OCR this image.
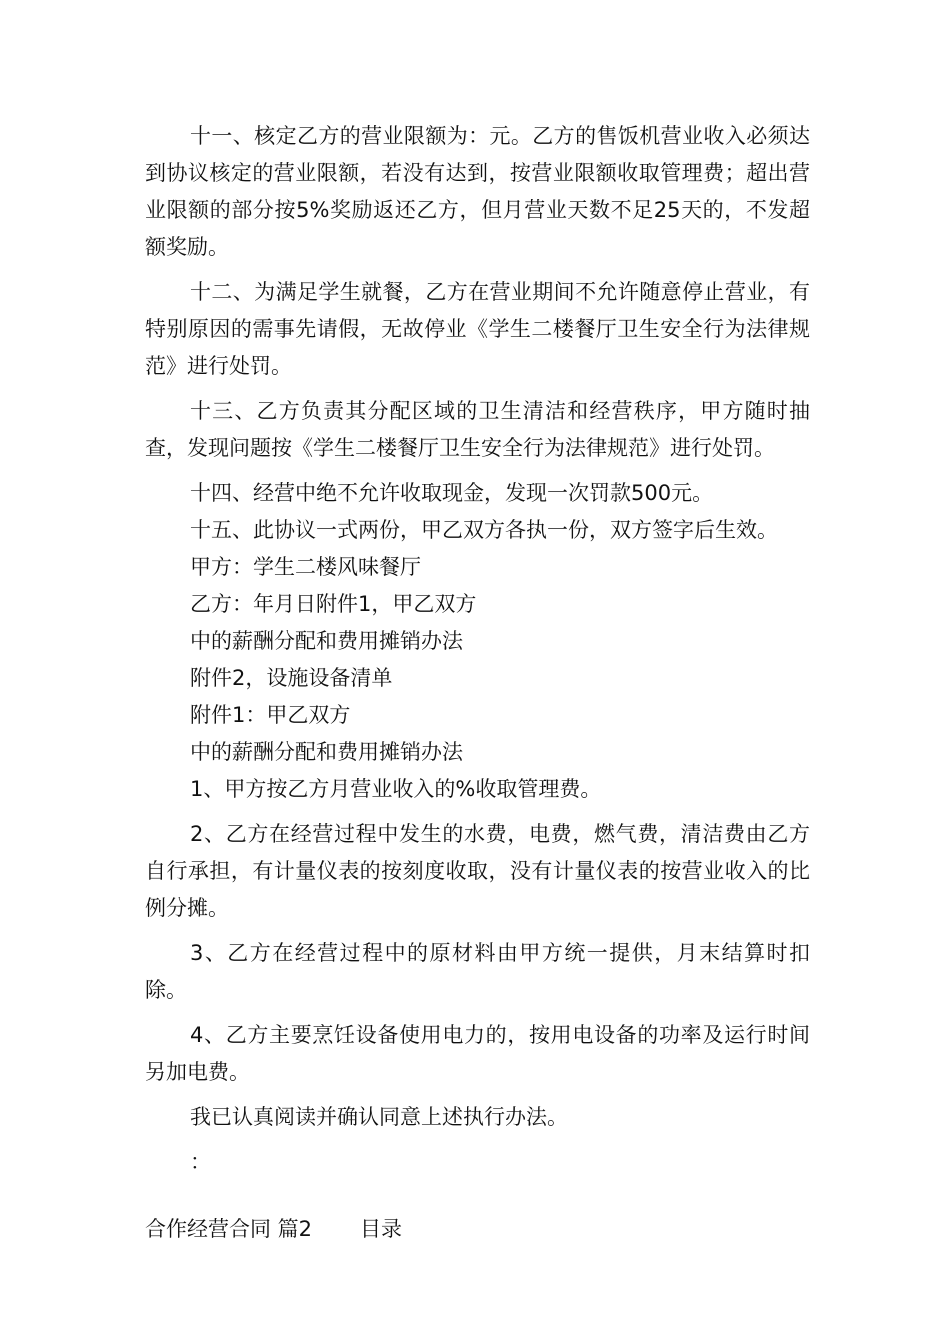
十一、核定乙方的营业限额为：元。乙方的售饭机营业收入必须达到协议核定的营业限额，若没有达到，按营业限额收取管理费；超出营业限额的部分按5%奖励返还乙方，但月营业天数不足25天的，不发超额奖励。

十二、为满足学生就餐，乙方在营业期间不允许随意停止营业，有特别原因的需事先请假，无故停业《学生二楼餐厅卫生安全行为法律规范》进行处罚。

十三、乙方负责其分配区域的卫生清洁和经营秩序，甲方随时抽查，发现问题按《学生二楼餐厅卫生安全行为法律规范》进行处罚。

十四、经营中绝不允许收取现金，发现一次罚款500元。

十五、此协议一式两份，甲乙双方各执一份，双方签字后生效。

甲方：学生二楼风味餐厅

乙方：年月日附件1，甲乙双方

中的薪酬分配和费用摊销办法

附件2，设施设备清单

附件1：甲乙双方

中的薪酬分配和费用摊销办法

1、甲方按乙方月营业收入的%收取管理费。

2、乙方在经营过程中发生的水费，电费，燃气费，清洁费由乙方自行承担，有计量仪表的按刻度收取，没有计量仪表的按营业收入的比例分摊。

3、乙方在经营过程中的原材料由甲方统一提供，月末结算时扣除。

4、乙方主要烹饪设备使用电力的，按用电设备的功率及运行时间另加电费。

我已认真阅读并确认同意上述执行办法。

：

合作经营合同 篇2 目录
